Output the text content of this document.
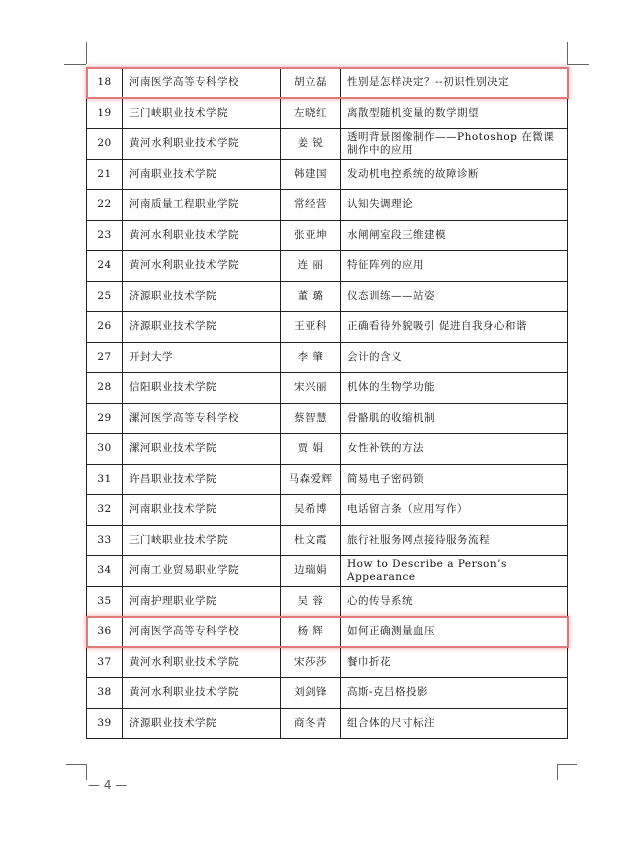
18	河南医学高等专科学校	胡立磊	性别是怎样决定？--初识性别决定
19	三门峡职业技术学院	左晓红	离散型随机变量的数学期望
20	黄河水利职业技术学院	姜 锐	透明背景图像制作——Photoshop 在微课制作中的应用
21	河南职业技术学院	韩建国	发动机电控系统的故障诊断
22	河南质量工程职业学院	常经营	认知失调理论
23	黄河水利职业技术学院	张亚坤	水闸闸室段三维建模
24	黄河水利职业技术学院	连 丽	特征阵列的应用
25	济源职业技术学院	董 璐	仪态训练——站姿
26	济源职业技术学院	王亚科	正确看待外貌吸引 促进自我身心和谐
27	开封大学	李 肇	会计的含义
28	信阳职业技术学院	宋兴丽	机体的生物学功能
29	漯河医学高等专科学校	蔡智慧	骨骼肌的收缩机制
30	漯河职业技术学院	贾 娟	女性补铁的方法
31	许昌职业技术学院	马森爱辉	简易电子密码锁
32	河南职业技术学院	吴希博	电话留言条（应用写作）
33	三门峡职业技术学院	杜文霞	旅行社服务网点接待服务流程
34	河南工业贸易职业学院	边瑞娟	How to Describe a Person’s Appearance
35	河南护理职业学院	吴 蓉	心的传导系统
36	河南医学高等专科学校	杨 辉	如何正确测量血压
37	黄河水利职业技术学院	宋莎莎	餐巾折花
38	黄河水利职业技术学院	刘剑锋	高斯-克吕格投影
39	济源职业技术学院	商冬青	组合体的尺寸标注
— 4 —
